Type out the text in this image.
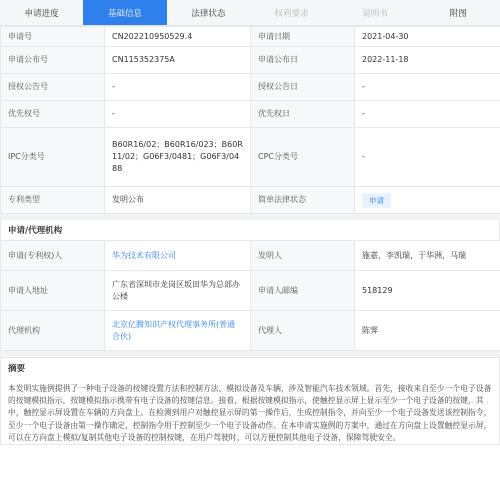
申请进度	基础信息	法律状态	权利要求	说明书	附图
申请号	CN202210950529.4	申请日期	2021-04-30
申请公布号	CN115352375A	申请公布日	2022-11-18
授权公告号	-	授权公告日	-
优先权号	-	优先权日	-
IPC分类号	B60R16/02；B60R16/023；B60R11/02；G06F3/0481；G06F3/0488	CPC分类号	-
专利类型	发明公布	简单法律状态	申请
申请/代理机构
申请(专利权)人	华为技术有限公司	发明人	施嘉，李凯瑞，于华洲，马瑞
申请人地址	广东省深圳市龙岗区坂田华为总部办公楼	申请人邮编	518129
代理机构	北京亿腾知识产权代理事务所(普通合伙)	代理人	陈霁
摘要
本发明实施例提供了一种电子设备的按键设置方法和控制方法、模拟设备及车辆，涉及智能汽车技术领域。首先，接收来自至少一个电子设备的按键模拟指示，按键模拟指示携带有电子设备的按键信息。接着，根据按键模拟指示，使触控显示屏上显示至少一个电子设备的按键，其中，触控显示屏设置在车辆的方向盘上。在检测到用户对触控显示屏的第一操作后，生成控制指令，并向至少一个电子设备发送该控制指令，至少一个电子设备由第一操作确定，控制指令用于控制至少一个电子设备动作。在本申请实施例的方案中，通过在方向盘上设置触控显示屏，可以在方向盘上模拟/复制其他电子设备的控制按键，在用户驾驶时，可以方便控制其他电子设备，保障驾驶安全。
